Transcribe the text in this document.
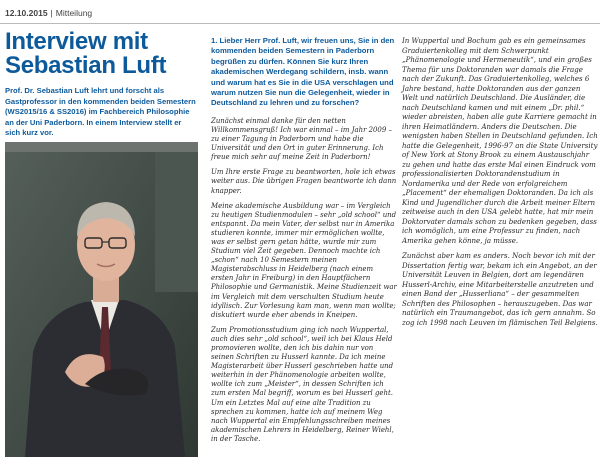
12.10.2015 | Mitteilung
Interview mit
Sebastian Luft
Prof. Dr. Sebastian Luft lehrt und forscht als Gastprofessor in den kommenden beiden Semestern (WS2015/16 & SS2016) im Fachbereich Philosophie an der Uni Paderborn. In einem Interview stellt er sich kurz vor.
1. Lieber Herr Prof. Luft, wir freuen uns, Sie in den kommenden beiden Semestern in Paderborn begrüßen zu dürfen. Können Sie kurz Ihren akademischen Werdegang schildern, insb. wann und warum hat es Sie in die USA verschlagen und warum nutzen Sie nun die Gelegenheit, wieder in Deutschland zu lehren und zu forschen?

Zunächst einmal danke für den netten Willkommensgruß! Ich war einmal – im Jahr 2009 – zu einer Tagung in Paderborn und habe die Universität und den Ort in guter Erinnerung. Ich freue mich sehr auf meine Zeit in Paderborn!

Um Ihre erste Frage zu beantworten, hole ich etwas weiter aus. Die übrigen Fragen beantworte ich dann knapper.

Meine akademische Ausbildung war – im Vergleich zu heutigen Studienmodulen – sehr „old school“ und entspannt. Da mein Vater, der selbst nur in Amerika studieren konnte, immer mir ermöglichen wollte, was er selbst gern getan hätte, wurde mir zum Studium viel Zeit gegeben. Dennoch machte ich „schon“ nach 10 Semestern meinen Magisterabschluss in Heidelberg (nach einem ersten Jahr in Freiburg) in den Hauptfächern Philosophie und Germanistik. Meine Studienzeit war im Vergleich mit dem verschulten Studium heute idyllisch. Zur Vorlesung kam man, wenn man wollte; diskutiert wurde eher abends in Kneipen.

Zum Promotionsstudium ging ich nach Wuppertal, auch dies sehr „old school“, weil ich bei Klaus Held promovieren wollte, den ich bis dahin nur von seinen Schriften zu Husserl kannte. Da ich meine Magisterarbeit über Husserl geschrieben hatte und weiterhin in der Phänomenologie arbeiten wollte, wollte ich zum „Meister“, in dessen Schriften ich zum ersten Mal begriff, worum es bei Husserl geht. Um ein Letztes Mal auf eine alte Tradition zu sprechen zu kommen, hatte ich auf meinem Weg nach Wuppertal ein Empfehlungsschreiben meines akademischen Lehrers in Heidelberg, Reiner Wiehl, in der Tasche.

In Wuppertal und Bochum gab es ein gemeinsames Graduiertenkolleg mit dem Schwerpunkt „Phänomenologie und Hermeneutik“, und ein großes Thema für uns Doktoranden war damals die Frage nach der Zukunft. Das Graduiertenkolleg, welches 6 Jahre bestand, hatte Doktoranden aus der ganzen Welt und natürlich Deutschland. Die Ausländer, die nach Deutschland kamen und mit einem „Dr. phil.“ wieder abreisten, haben alle gute Karriere gemacht in ihren Heimatländern. Anders die Deutschen. Die wenigsten haben Stellen in Deutschland gefunden. Ich hatte die Gelegenheit, 1996-97 an die State University of New York at Stony Brook zu einem Austauschjahr zu gehen und hatte das erste Mal einen Eindruck vom professionalisierten Doktorandenstudium in Nordamerika und der Rede von erfolgreichem „Placement“ der ehemaligen Doktoranden. Da ich als Kind und Jugendlicher durch die Arbeit meiner Eltern zeitweise auch in den USA gelebt hatte, hat mir mein Doktorvater damals schon zu bedenken gegeben, dass ich womöglich, um eine Professur zu finden, nach Amerika gehen könne, ja müsse.

Zunächst aber kam es anders. Noch bevor ich mit der Dissertation fertig war, bekam ich ein Angebot, an der Universität Leuven in Belgien, dort am legendären Husserl-Archiv, eine Mitarbeiterstelle anzutreten und einen Band der „Husserliana“ – der gesammelten Schriften des Philosophen – herauszugeben. Das war natürlich ein Traumangebot, das ich gern annahm. So zog ich 1998 nach Leuven im flämischen Teil Belgiens.
